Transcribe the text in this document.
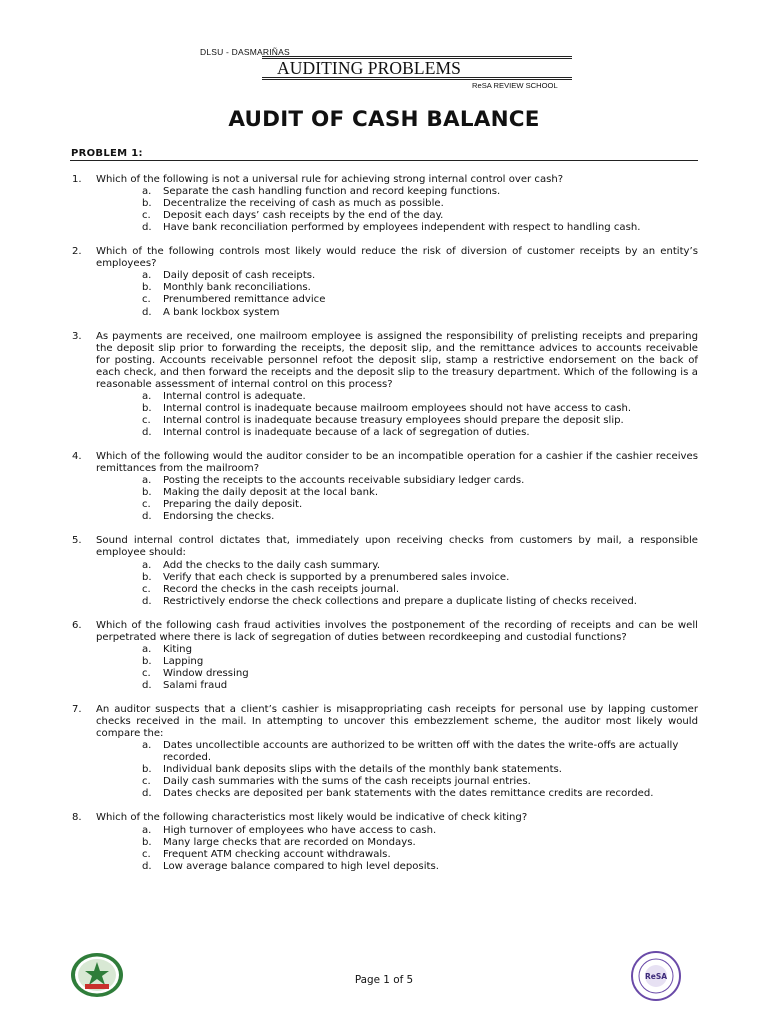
DLSU - DASMARIÑAS
AUDITING PROBLEMS
ReSA REVIEW SCHOOL
AUDIT OF CASH BALANCE
PROBLEM 1:
1. Which of the following is not a universal rule for achieving strong internal control over cash?
a. Separate the cash handling function and record keeping functions.
b. Decentralize the receiving of cash as much as possible.
c. Deposit each days’ cash receipts by the end of the day.
d. Have bank reconciliation performed by employees independent with respect to handling cash.
2. Which of the following controls most likely would reduce the risk of diversion of customer receipts by an entity’s employees?
a. Daily deposit of cash receipts.
b. Monthly bank reconciliations.
c. Prenumbered remittance advice
d. A bank lockbox system
3. As payments are received, one mailroom employee is assigned the responsibility of prelisting receipts and preparing the deposit slip prior to forwarding the receipts, the deposit slip, and the remittance advices to accounts receivable for posting. Accounts receivable personnel refoot the deposit slip, stamp a restrictive endorsement on the back of each check, and then forward the receipts and the deposit slip to the treasury department. Which of the following is a reasonable assessment of internal control on this process?
a. Internal control is adequate.
b. Internal control is inadequate because mailroom employees should not have access to cash.
c. Internal control is inadequate because treasury employees should prepare the deposit slip.
d. Internal control is inadequate because of a lack of segregation of duties.
4. Which of the following would the auditor consider to be an incompatible operation for a cashier if the cashier receives remittances from the mailroom?
a. Posting the receipts to the accounts receivable subsidiary ledger cards.
b. Making the daily deposit at the local bank.
c. Preparing the daily deposit.
d. Endorsing the checks.
5. Sound internal control dictates that, immediately upon receiving checks from customers by mail, a responsible employee should:
a. Add the checks to the daily cash summary.
b. Verify that each check is supported by a prenumbered sales invoice.
c. Record the checks in the cash receipts journal.
d. Restrictively endorse the check collections and prepare a duplicate listing of checks received.
6. Which of the following cash fraud activities involves the postponement of the recording of receipts and can be well perpetrated where there is lack of segregation of duties between recordkeeping and custodial functions?
a. Kiting
b. Lapping
c. Window dressing
d. Salami fraud
7. An auditor suspects that a client’s cashier is misappropriating cash receipts for personal use by lapping customer checks received in the mail. In attempting to uncover this embezzlement scheme, the auditor most likely would compare the:
a. Dates uncollectible accounts are authorized to be written off with the dates the write-offs are actually recorded.
b. Individual bank deposits slips with the details of the monthly bank statements.
c. Daily cash summaries with the sums of the cash receipts journal entries.
d. Dates checks are deposited per bank statements with the dates remittance credits are recorded.
8. Which of the following characteristics most likely would be indicative of check kiting?
a. High turnover of employees who have access to cash.
b. Many large checks that are recorded on Mondays.
c. Frequent ATM checking account withdrawals.
d. Low average balance compared to high level deposits.
Page 1 of 5	ReSA
